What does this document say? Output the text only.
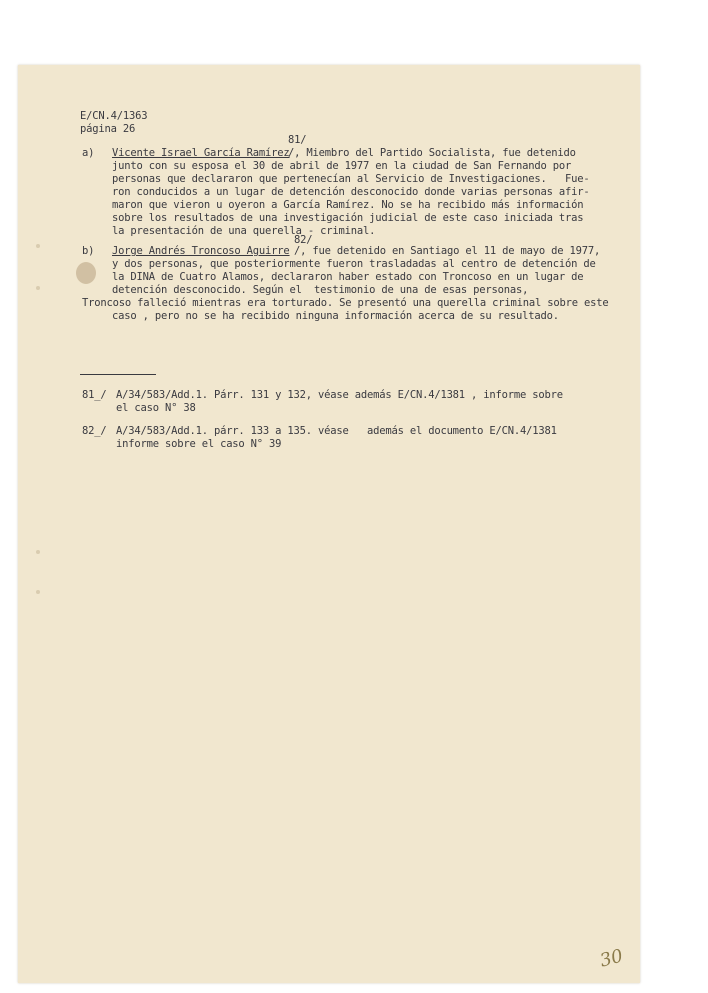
E/CN.4/1363
página 26
81/
a) Vicente Israel García Ramírez
/, Miembro del Partido Socialista, fue detenido
junto con su esposa el 30 de abril de 1977 en la ciudad de San Fernando por
personas que declararon que pertenecían al Servicio de Investigaciones.   Fue-
ron conducidos a un lugar de detención desconocido donde varias personas afir-
maron que vieron u oyeron a García Ramírez. No se ha recibido más información
sobre los resultados de una investigación judicial de este caso iniciada tras
la presentación de una querella - criminal.
82/
b) Jorge Andrés Troncoso Aguirre /, fue detenido en Santiago el 11 de mayo de 1977,
y dos personas, que posteriormente fueron trasladadas al centro de detención de
la DINA de Cuatro Alamos, declararon haber estado con Troncoso en un lugar de
detención desconocido. Según el  testimonio de una de esas personas,
Troncoso falleció mientras era torturado. Se presentó una querella criminal sobre este
caso , pero no se ha recibido ninguna información acerca de su resultado.
81_/ A/34/583/Add.1. Párr. 131 y 132, véase además E/CN.4/1381 , informe sobre
el caso N° 38
82_/ A/34/583/Add.1. párr. 133 a 135. véase   además el documento E/CN.4/1381
informe sobre el caso N° 39
30
